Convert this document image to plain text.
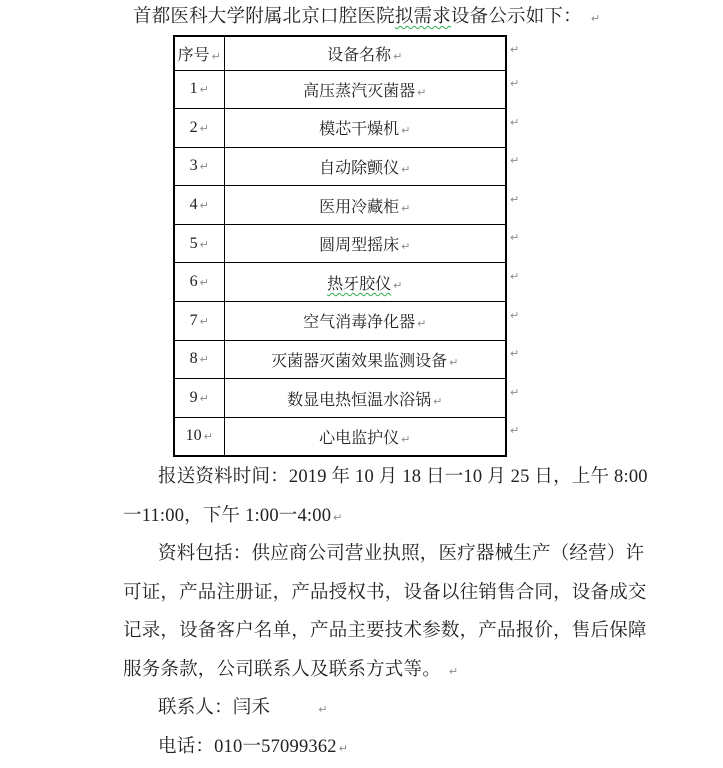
首都医科大学附属北京口腔医院拟需求设备公示如下： ↵
序号 ↵	设备名称 ↵	↵
1 ↵	高压蒸汽灭菌器 ↵	↵
2 ↵	模芯干燥机 ↵	↵
3 ↵	自动除颤仪 ↵	↵
4 ↵	医用冷藏柜 ↵	↵
5 ↵	圆周型摇床 ↵	↵
6 ↵	热牙胶仪 ↵	↵
7 ↵	空气消毒净化器 ↵	↵
8 ↵	灭菌器灭菌效果监测设备 ↵	↵
9 ↵	数显电热恒温水浴锅 ↵	↵
10 ↵	心电监护仪 ↵	↵
报送资料时间：2019 年 10 月 18 日一10 月 25 日，上午 8:00
一11:00，下午 1:00一4:00 ↵
资料包括：供应商公司营业执照，医疗器械生产（经营）许
可证，产品注册证，产品授权书，设备以往销售合同，设备成交
记录，设备客户名单，产品主要技术参数，产品报价，售后保障
服务条款，公司联系人及联系方式等。 ↵
联系人：闫禾	↵
电话：010一57099362 ↵
